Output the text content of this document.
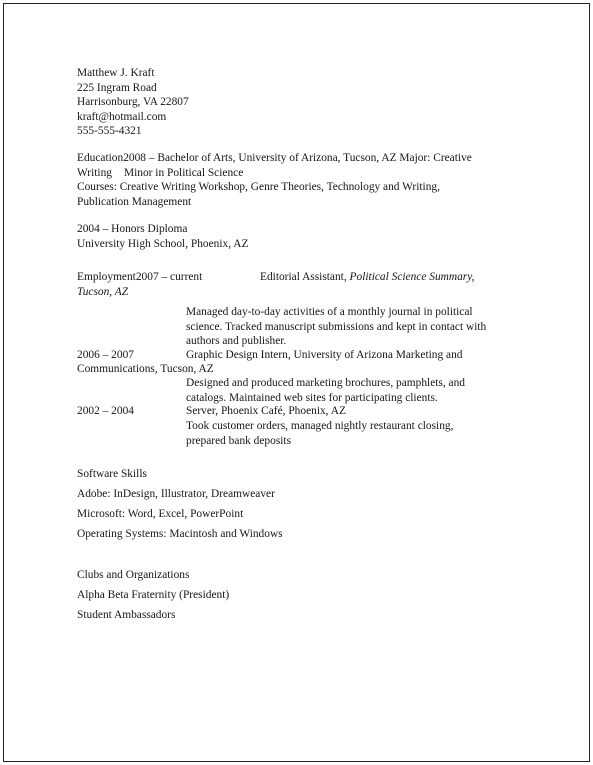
Matthew J. Kraft
225 Ingram Road
Harrisonburg, VA 22807
kraft@hotmail.com
555-555-4321
Education2008 – Bachelor of Arts, University of Arizona, Tucson, AZ Major: Creative
Writing Minor in Political Science
Courses: Creative Writing Workshop, Genre Theories, Technology and Writing,
Publication Management
2004 – Honors Diploma
University High School, Phoenix, AZ
Employment2007 – current	Editorial Assistant, Political Science Summary,
Tucson, AZ
Managed day-to-day activities of a monthly journal in political
science. Tracked manuscript submissions and kept in contact with
authors and publisher.
2006 – 2007	Graphic Design Intern, University of Arizona Marketing and
Communications, Tucson, AZ
Designed and produced marketing brochures, pamphlets, and
catalogs. Maintained web sites for participating clients.
2002 – 2004	Server, Phoenix Café, Phoenix, AZ
Took customer orders, managed nightly restaurant closing,
prepared bank deposits
Software Skills
Adobe: InDesign, Illustrator, Dreamweaver
Microsoft: Word, Excel, PowerPoint
Operating Systems: Macintosh and Windows
Clubs and Organizations
Alpha Beta Fraternity (President)
Student Ambassadors
